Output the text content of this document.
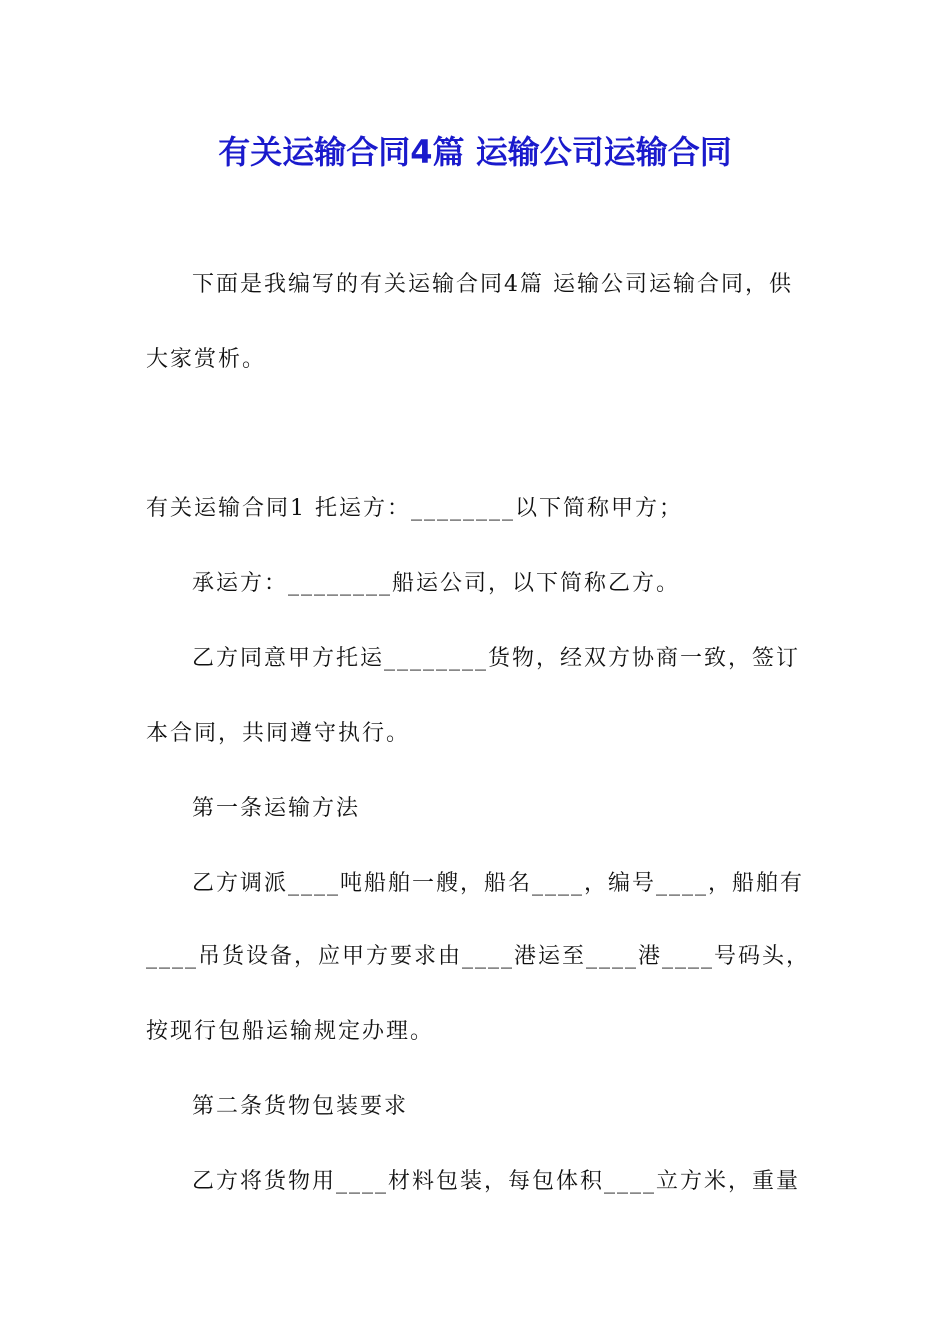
有关运输合同4篇 运输公司运输合同
下面是我编写的有关运输合同4篇 运输公司运输合同，供
大家赏析。
有关运输合同1 托运方：________以下简称甲方；
承运方：________船运公司，以下简称乙方。
乙方同意甲方托运________货物，经双方协商一致，签订
本合同，共同遵守执行。
第一条运输方法
乙方调派____吨船舶一艘，船名____，编号____，船舶有
____吊货设备，应甲方要求由____港运至____港____号码头，
按现行包船运输规定办理。
第二条货物包装要求
乙方将货物用____材料包装，每包体积____立方米，重量
